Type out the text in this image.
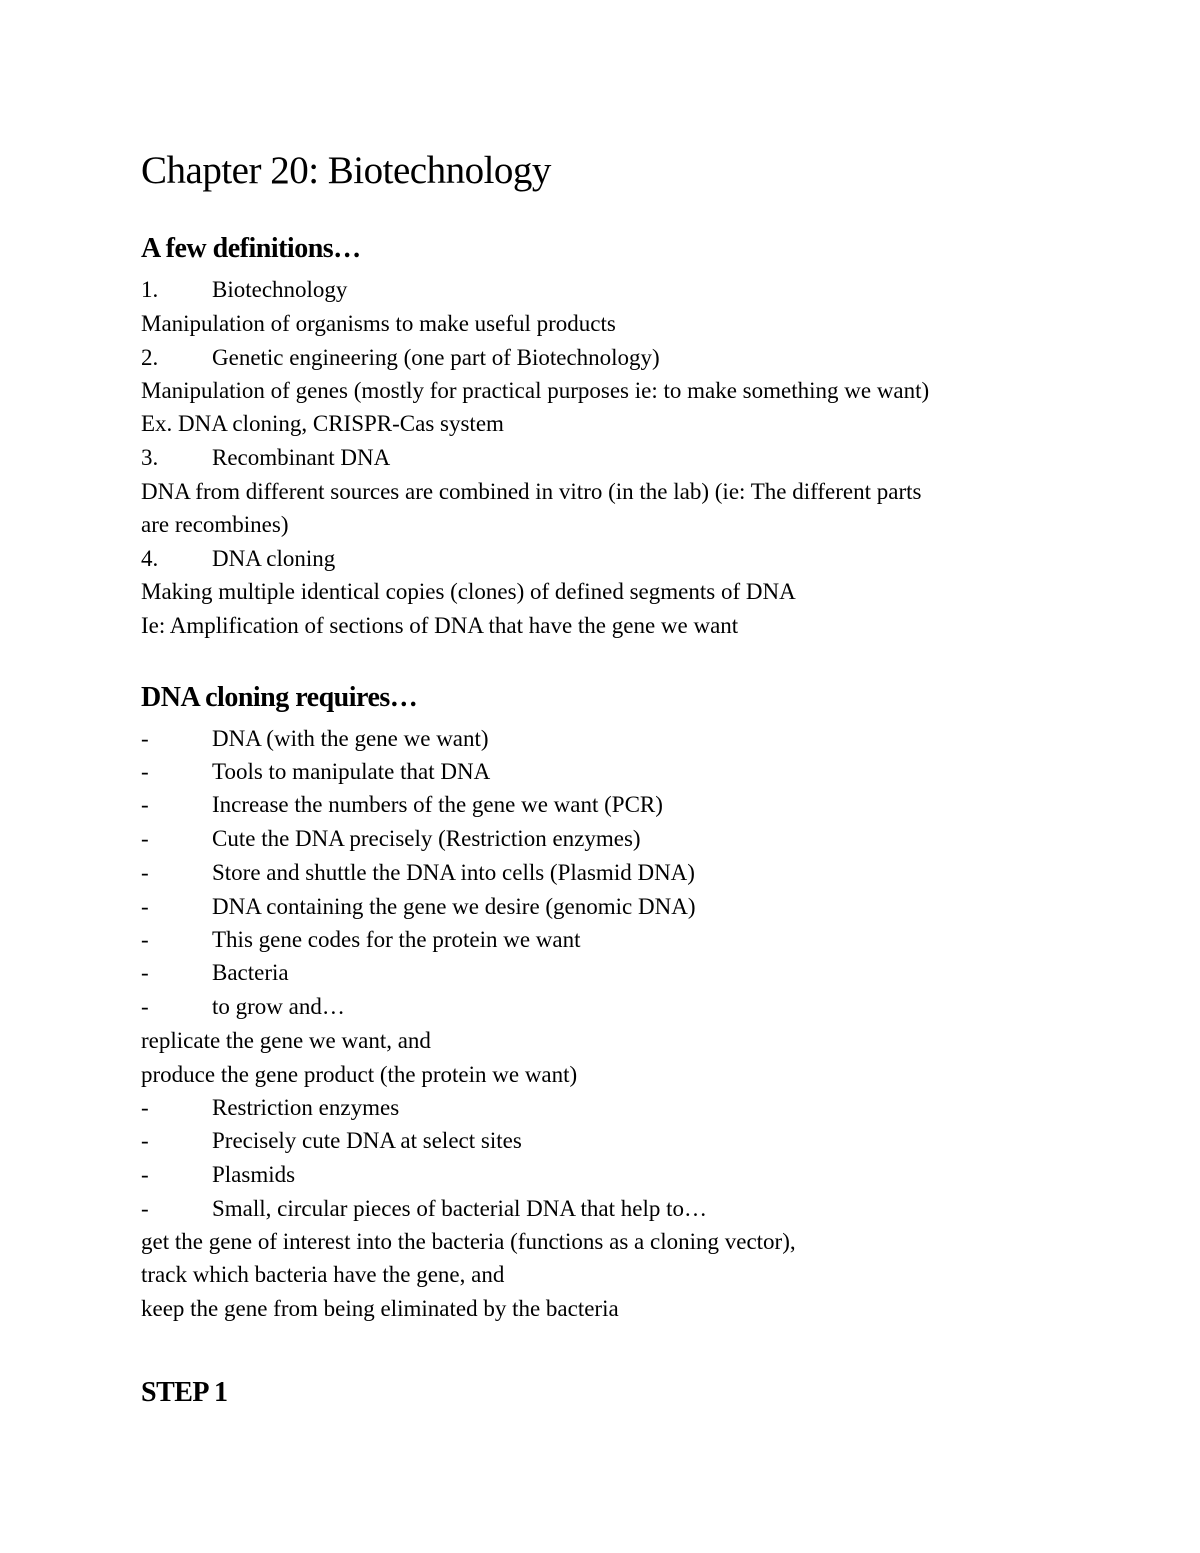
Chapter 20: Biotechnology
A few definitions…
1. Biotechnology
Manipulation of organisms to make useful products
2. Genetic engineering (one part of Biotechnology)
Manipulation of genes (mostly for practical purposes ie: to make something we want)
Ex. DNA cloning, CRISPR-Cas system
3. Recombinant DNA
DNA from different sources are combined in vitro (in the lab) (ie: The different parts
are recombines)
4. DNA cloning
Making multiple identical copies (clones) of defined segments of DNA
Ie: Amplification of sections of DNA that have the gene we want
DNA cloning requires…
-	DNA (with the gene we want)
-	Tools to manipulate that DNA
-	Increase the numbers of the gene we want (PCR)
-	Cute the DNA precisely (Restriction enzymes)
-	Store and shuttle the DNA into cells (Plasmid DNA)
-	DNA containing the gene we desire (genomic DNA)
-	This gene codes for the protein we want
-	Bacteria
-	to grow and…
replicate the gene we want, and
produce the gene product (the protein we want)
-	Restriction enzymes
-	Precisely cute DNA at select sites
-	Plasmids
-	Small, circular pieces of bacterial DNA that help to…
get the gene of interest into the bacteria (functions as a cloning vector),
track which bacteria have the gene, and
keep the gene from being eliminated by the bacteria
STEP 1
